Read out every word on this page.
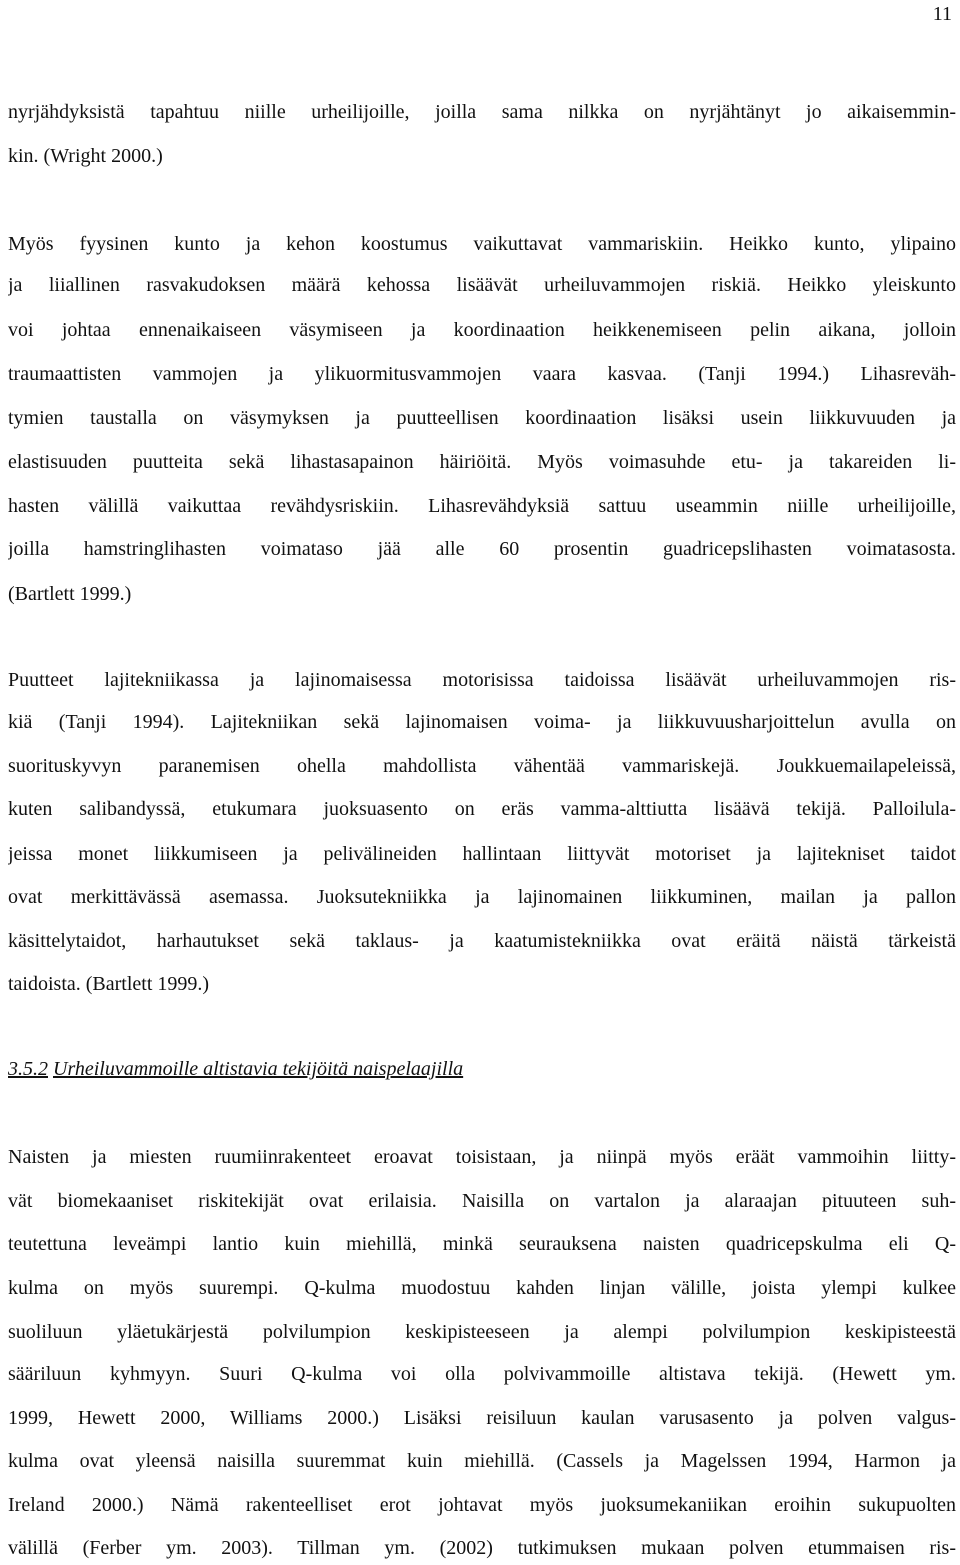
11
nyrjähdyksistä tapahtuu niille urheilijoille, joilla sama nilkka on nyrjähtänyt jo aikaisemmin-
kin. (Wright 2000.)
Myös fyysinen kunto ja kehon koostumus vaikuttavat vammariskiin. Heikko kunto, ylipaino
ja liiallinen rasvakudoksen määrä kehossa lisäävät urheiluvammojen riskiä. Heikko yleiskunto
voi johtaa ennenaikaiseen väsymiseen ja koordinaation heikkenemiseen pelin aikana, jolloin
traumaattisten vammojen ja ylikuormitusvammojen vaara kasvaa. (Tanji 1994.) Lihasreväh-
tymien taustalla on väsymyksen ja puutteellisen koordinaation lisäksi usein liikkuvuuden ja
elastisuuden puutteita sekä lihastasapainon häiriöitä. Myös voimasuhde etu- ja takareiden li-
hasten välillä vaikuttaa revähdysriskiin. Lihasrevähdyksiä sattuu useammin niille urheilijoille,
joilla hamstringlihasten voimataso jää alle 60 prosentin guadricepslihasten voimatasosta.
(Bartlett 1999.)
Puutteet lajitekniikassa ja lajinomaisessa motorisissa taidoissa lisäävät urheiluvammojen ris-
kiä (Tanji 1994). Lajitekniikan sekä lajinomaisen voima- ja liikkuvuusharjoittelun avulla on
suorituskyvyn paranemisen ohella mahdollista vähentää vammariskejä. Joukkuemailapeleissä,
kuten salibandyssä, etukumara juoksuasento on eräs vamma-alttiutta lisäävä tekijä. Palloilula-
jeissa monet liikkumiseen ja pelivälineiden hallintaan liittyvät motoriset ja lajitekniset taidot
ovat merkittävässä asemassa. Juoksutekniikka ja lajinomainen liikkuminen, mailan ja pallon
käsittelytaidot, harhautukset sekä taklaus- ja kaatumistekniikka ovat eräitä näistä tärkeistä
taidoista. (Bartlett 1999.)
3.5.2 Urheiluvammoille altistavia tekijöitä naispelaajilla
Naisten ja miesten ruumiinrakenteet eroavat toisistaan, ja niinpä myös eräät vammoihin liitty-
vät biomekaaniset riskitekijät ovat erilaisia. Naisilla on vartalon ja alaraajan pituuteen suh-
teutettuna leveämpi lantio kuin miehillä, minkä seurauksena naisten quadricepskulma eli Q-
kulma on myös suurempi. Q-kulma muodostuu kahden linjan välille, joista ylempi kulkee
suoliluun yläetukärjestä polvilumpion keskipisteeseen ja alempi polvilumpion keskipisteestä
sääriluun kyhmyyn. Suuri Q-kulma voi olla polvivammoille altistava tekijä. (Hewett ym.
1999, Hewett 2000, Williams 2000.) Lisäksi reisiluun kaulan varusasento ja polven valgus-
kulma ovat yleensä naisilla suuremmat kuin miehillä. (Cassels ja Magelssen 1994, Harmon ja
Ireland 2000.) Nämä rakenteelliset erot johtavat myös juoksumekaniikan eroihin sukupuolten
välillä (Ferber ym. 2003). Tillman ym. (2002) tutkimuksen mukaan polven etummaisen ris-
